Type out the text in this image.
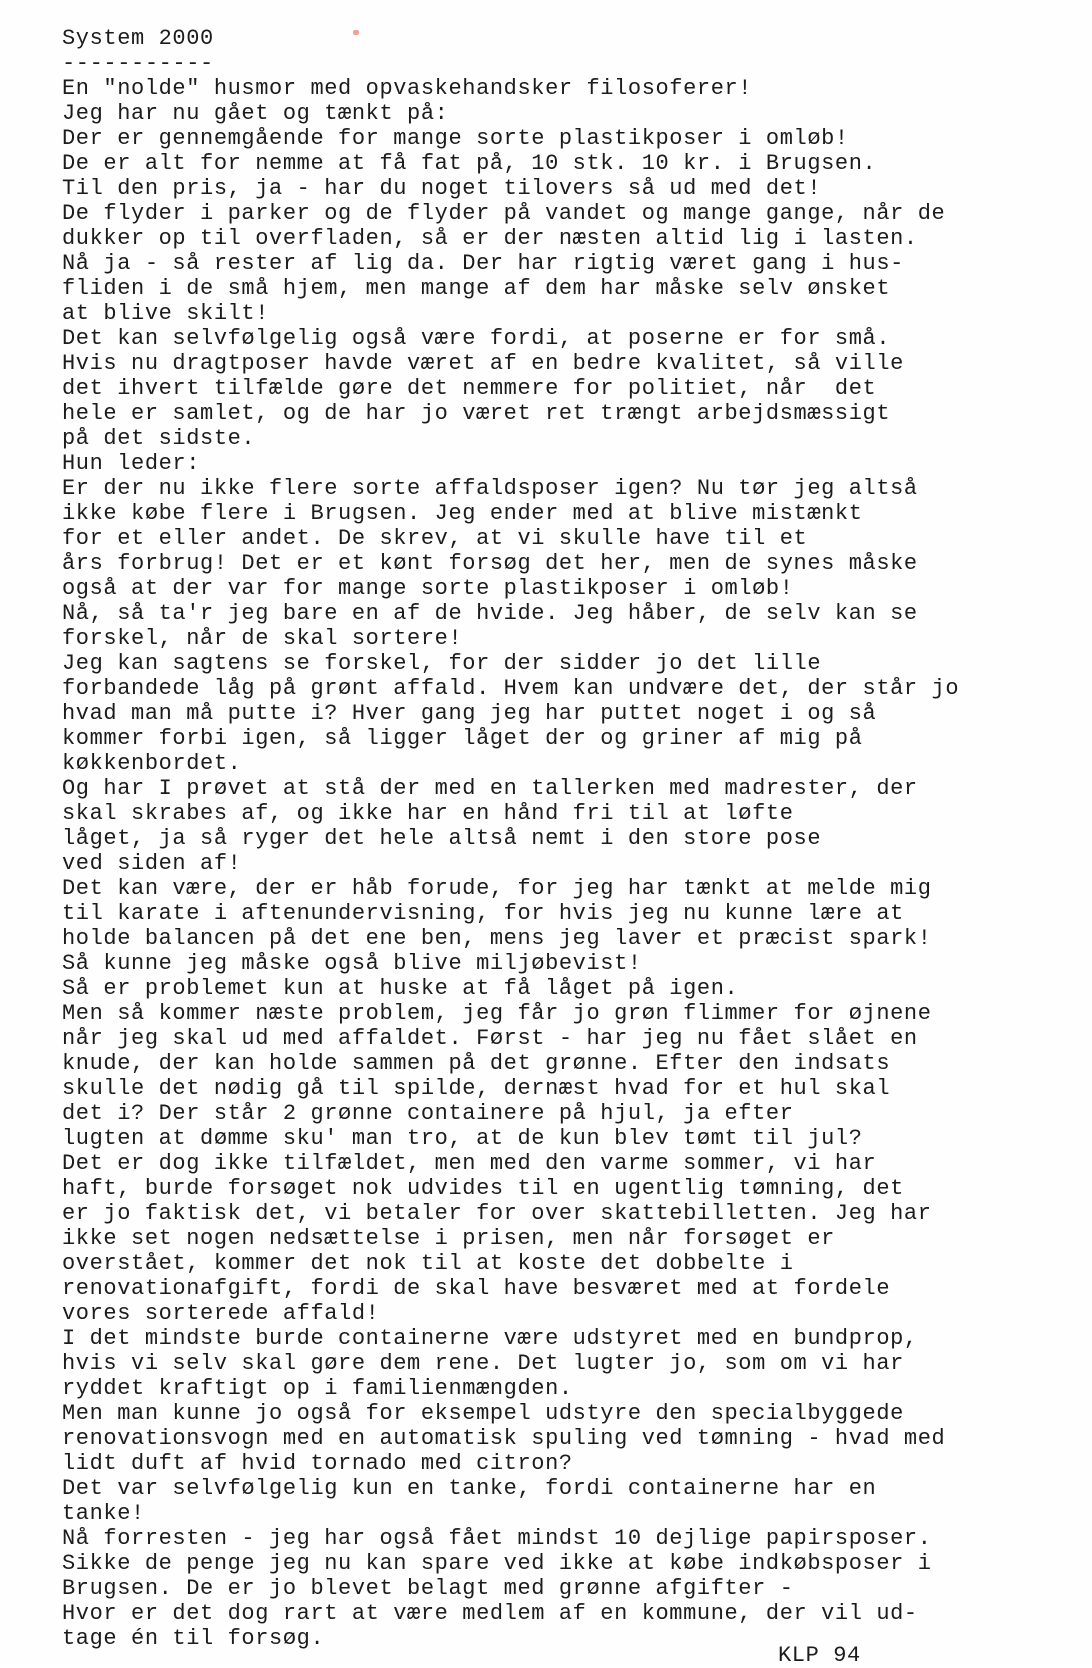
System 2000
-----------
En "nolde" husmor med opvaskehandsker filosoferer!
Jeg har nu gået og tænkt på:
Der er gennemgående for mange sorte plastikposer i omløb!
De er alt for nemme at få fat på, 10 stk. 10 kr. i Brugsen.
Til den pris, ja - har du noget tilovers så ud med det!
De flyder i parker og de flyder på vandet og mange gange, når de
dukker op til overfladen, så er der næsten altid lig i lasten.
Nå ja - så rester af lig da. Der har rigtig været gang i hus-
fliden i de små hjem, men mange af dem har måske selv ønsket
at blive skilt!
Det kan selvfølgelig også være fordi, at poserne er for små.
Hvis nu dragtposer havde været af en bedre kvalitet, så ville
det ihvert tilfælde gøre det nemmere for politiet, når  det
hele er samlet, og de har jo været ret trængt arbejdsmæssigt
på det sidste.
Hun leder:
Er der nu ikke flere sorte affaldsposer igen? Nu tør jeg altså
ikke købe flere i Brugsen. Jeg ender med at blive mistænkt
for et eller andet. De skrev, at vi skulle have til et
års forbrug! Det er et kønt forsøg det her, men de synes måske
også at der var for mange sorte plastikposer i omløb!
Nå, så ta'r jeg bare en af de hvide. Jeg håber, de selv kan se
forskel, når de skal sortere!
Jeg kan sagtens se forskel, for der sidder jo det lille
forbandede låg på grønt affald. Hvem kan undvære det, der står jo
hvad man må putte i? Hver gang jeg har puttet noget i og så
kommer forbi igen, så ligger låget der og griner af mig på
køkkenbordet.
Og har I prøvet at stå der med en tallerken med madrester, der
skal skrabes af, og ikke har en hånd fri til at løfte
låget, ja så ryger det hele altså nemt i den store pose
ved siden af!
Det kan være, der er håb forude, for jeg har tænkt at melde mig
til karate i aftenundervisning, for hvis jeg nu kunne lære at
holde balancen på det ene ben, mens jeg laver et præcist spark!
Så kunne jeg måske også blive miljøbevist!
Så er problemet kun at huske at få låget på igen.
Men så kommer næste problem, jeg får jo grøn flimmer for øjnene
når jeg skal ud med affaldet. Først - har jeg nu fået slået en
knude, der kan holde sammen på det grønne. Efter den indsats
skulle det nødig gå til spilde, dernæst hvad for et hul skal
det i? Der står 2 grønne containere på hjul, ja efter
lugten at dømme sku' man tro, at de kun blev tømt til jul?
Det er dog ikke tilfældet, men med den varme sommer, vi har
haft, burde forsøget nok udvides til en ugentlig tømning, det
er jo faktisk det, vi betaler for over skattebilletten. Jeg har
ikke set nogen nedsættelse i prisen, men når forsøget er
overstået, kommer det nok til at koste det dobbelte i
renovationafgift, fordi de skal have besværet med at fordele
vores sorterede affald!
I det mindste burde containerne være udstyret med en bundprop,
hvis vi selv skal gøre dem rene. Det lugter jo, som om vi har
ryddet kraftigt op i familienmængden.
Men man kunne jo også for eksempel udstyre den specialbyggede
renovationsvogn med en automatisk spuling ved tømning - hvad med
lidt duft af hvid tornado med citron?
Det var selvfølgelig kun en tanke, fordi containerne har en
tanke!
Nå forresten - jeg har også fået mindst 10 dejlige papirsposer.
Sikke de penge jeg nu kan spare ved ikke at købe indkøbsposer i
Brugsen. De er jo blevet belagt med grønne afgifter -
Hvor er det dog rart at være medlem af en kommune, der vil ud-
tage én til forsøg.
KLP 94
